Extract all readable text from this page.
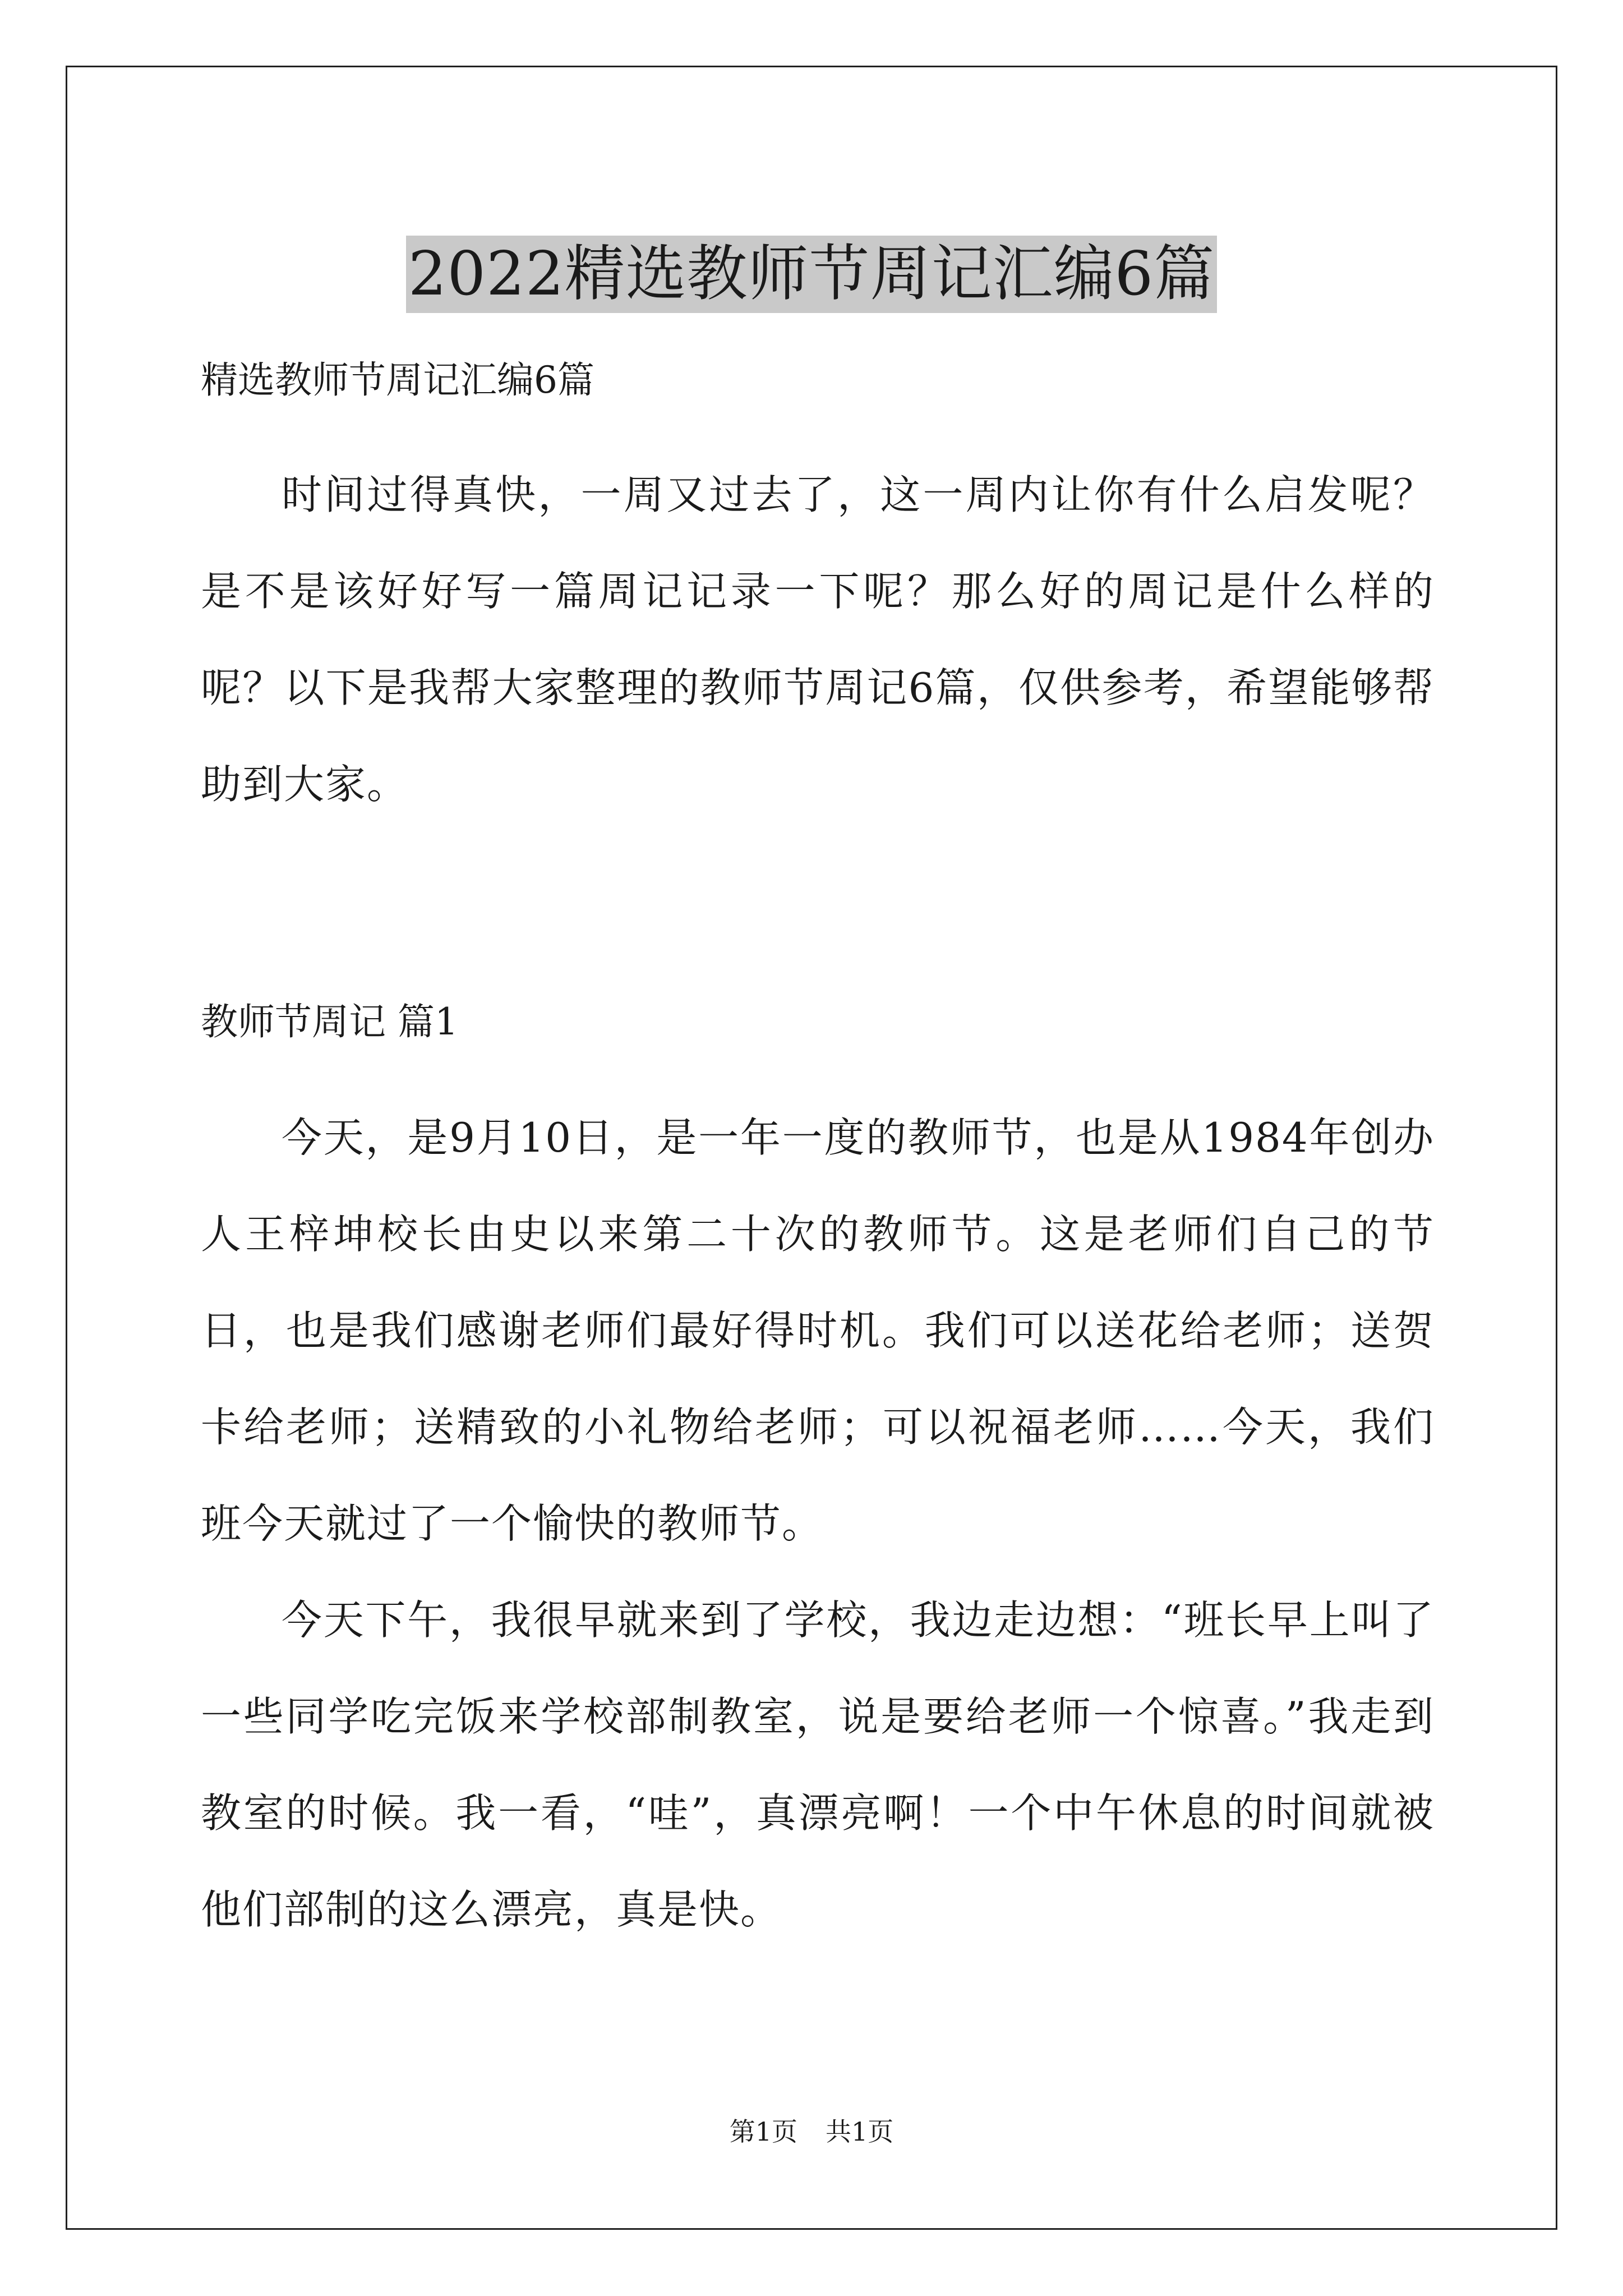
2022精选教师节周记汇编6篇

精选教师节周记汇编6篇

时间过得真快，一周又过去了，这一周内让你有什么启发呢？是不是该好好写一篇周记记录一下呢？那么好的周记是什么样的呢？以下是我帮大家整理的教师节周记6篇，仅供参考，希望能够帮助到大家。

教师节周记 篇1

今天，是9月10日，是一年一度的教师节，也是从1984年创办人王梓坤校长由史以来第二十次的教师节。这是老师们自己的节日，也是我们感谢老师们最好得时机。我们可以送花给老师；送贺卡给老师；送精致的小礼物给老师；可以祝福老师……今天，我们班今天就过了一个愉快的教师节。

今天下午，我很早就来到了学校，我边走边想：“班长早上叫了一些同学吃完饭来学校部制教室，说是要给老师一个惊喜。”我走到教室的时候。我一看，“哇”，真漂亮啊！一个中午休息的时间就被他们部制的这么漂亮，真是快。

第1页 共1页
